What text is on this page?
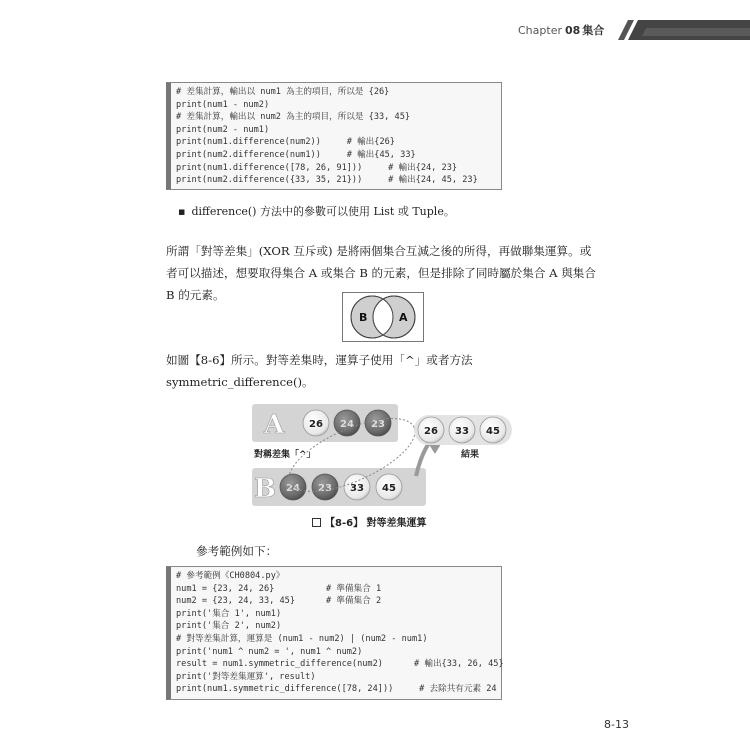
Chapter 08 集合
# 差集計算，輸出以 num1 為主的項目，所以是 {26}
print(num1 - num2)
# 差集計算，輸出以 num2 為主的項目，所以是 {33, 45}
print(num2 - num1)
print(num1.difference(num2))     # 輸出{26}
print(num2.difference(num1))     # 輸出{45, 33}
print(num1.difference([78, 26, 91]))     # 輸出{24, 23}
print(num2.difference({33, 35, 21}))     # 輸出{24, 45, 23}
▪ difference() 方法中的參數可以使用 List 或 Tuple。
所謂「對等差集」(XOR 互斥或) 是將兩個集合互減之後的所得，再做聯集運算。或者可以描述，想要取得集合 A 或集合 B 的元素，但是排除了同時屬於集合 A 與集合 B 的元素。
B	A
如圖【8-6】所示。對等差集時，運算子使用「^」或者方法 symmetric_difference()。
A 26 24 23
B 24 23 33 45
對稱差集「^」	結果
26 33 45
【8-6】 對等差集運算
參考範例如下：
# 參考範例《CH0804.py》
num1 = {23, 24, 26}          # 準備集合 1
num2 = {23, 24, 33, 45}      # 準備集合 2
print('集合 1', num1)
print('集合 2', num2)
# 對等差集計算，運算是 (num1 - num2) | (num2 - num1)
print('num1 ^ num2 = ', num1 ^ num2)
result = num1.symmetric_difference(num2)      # 輸出{33, 26, 45}
print('對等差集運算', result)
print(num1.symmetric_difference([78, 24]))     # 去除共有元素 24
8-13
